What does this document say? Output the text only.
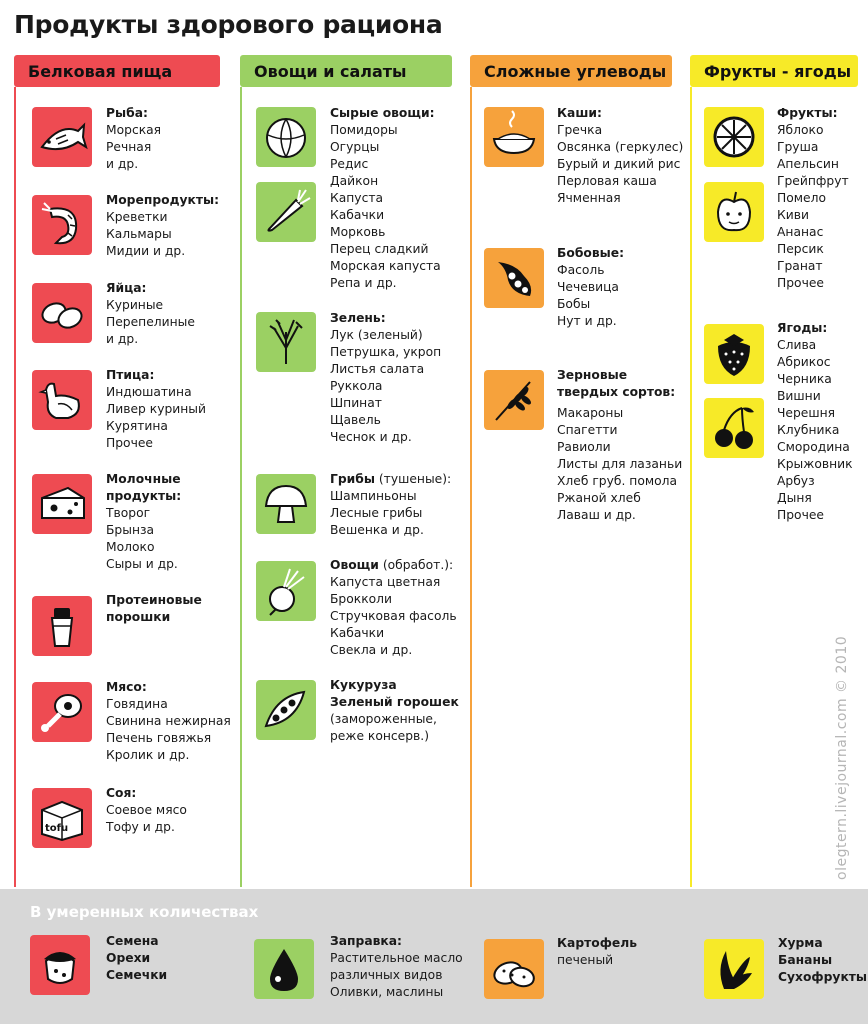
Продукты здорового рациона
Белковая пища	Овощи и салаты	Сложные углеводы	Фрукты - ягоды
Рыба:
Морская
Речная
и др.
Морепродукты:
Креветки
Кальмары
Мидии и др.
Яйца:
Куриные
Перепелиные
и др.
Птица:
Индюшатина
Ливер куриный
Курятина
Прочее
Молочные
продукты:
Творог
Брынза
Молоко
Сыры и др.
Протеиновые
порошки
Мясо:
Говядина
Свинина нежирная
Печень говяжья
Кролик и др.
tofu
Соя:
Соевое мясо
Тофу и др.
Сырые овощи:
Помидоры
Огурцы
Редис
Дайкон
Капуста
Кабачки
Морковь
Перец сладкий
Морская капуста
Репа и др.
Зелень:
Лук (зеленый)
Петрушка, укроп
Листья салата
Руккола
Шпинат
Щавель
Чеснок и др.
Грибы (тушеные):
Шампиньоны
Лесные грибы
Вешенка и др.
Овощи (обработ.):
Капуста цветная
Брокколи
Стручковая фасоль
Кабачки
Свекла и др.
Кукуруза
Зеленый горошек
(замороженные,
реже консерв.)
Каши:
Гречка
Овсянка (геркулес)
Бурый и дикий рис
Перловая каша
Ячменная
Бобовые:
Фасоль
Чечевица
Бобы
Нут и др.
Зерновые
твердых сортов:
Макароны
Спагетти
Равиоли
Листы для лазаньи
Хлеб груб. помола
Ржаной хлеб
Лаваш и др.
Фрукты:
Яблоко
Груша
Апельсин
Грейпфрут
Помело
Киви
Ананас
Персик
Гранат
Прочее
Ягоды:
Слива
Абрикос
Черника
Вишни
Черешня
Клубника
Смородина
Крыжовник
Арбуз
Дыня
Прочее
olegtern.livejournal.com © 2010
В умеренных количествах
Семена
Орехи
Семечки
Заправка:
Растительное масло
различных видов
Оливки, маслины
Картофель
печеный
Хурма
Бананы
Сухофрукты
